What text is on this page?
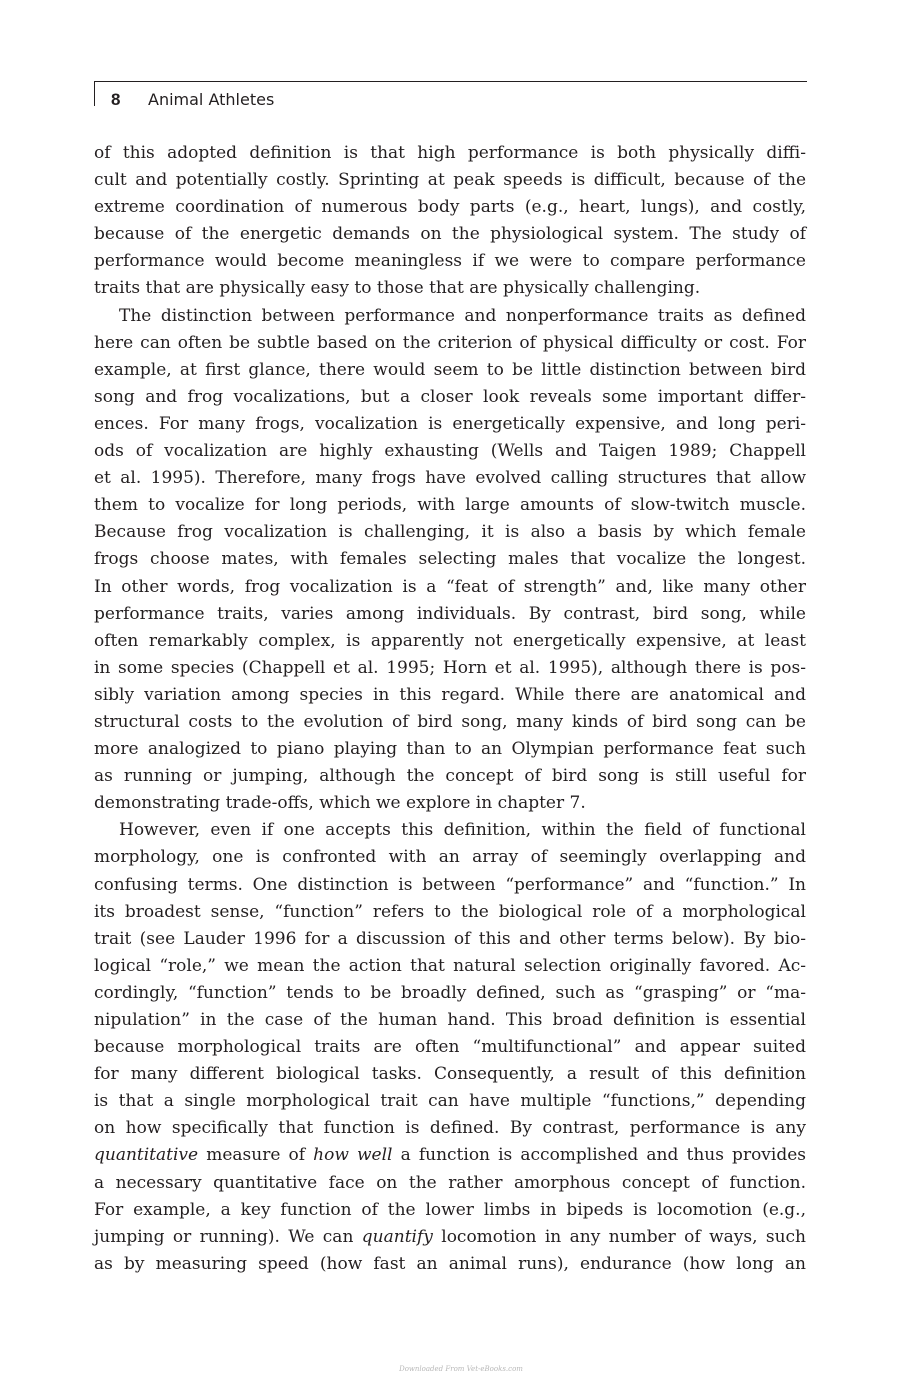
8 Animal Athletes

of this adopted definition is that high performance is both physically diffi-
cult and potentially costly. Sprinting at peak speeds is difficult, because of the
extreme coordination of numerous body parts (e.g., heart, lungs), and costly,
because of the energetic demands on the physiological system. The study of
performance would become meaningless if we were to compare performance
traits that are physically easy to those that are physically challenging.

The distinction between performance and nonperformance traits as defined
here can often be subtle based on the criterion of physical difficulty or cost. For
example, at first glance, there would seem to be little distinction between bird
song and frog vocalizations, but a closer look reveals some important differ-
ences. For many frogs, vocalization is energetically expensive, and long peri-
ods of vocalization are highly exhausting (Wells and Taigen 1989; Chappell
et al. 1995). Therefore, many frogs have evolved calling structures that allow
them to vocalize for long periods, with large amounts of slow-twitch muscle.
Because frog vocalization is challenging, it is also a basis by which female
frogs choose mates, with females selecting males that vocalize the longest.
In other words, frog vocalization is a “feat of strength” and, like many other
performance traits, varies among individuals. By contrast, bird song, while
often remarkably complex, is apparently not energetically expensive, at least
in some species (Chappell et al. 1995; Horn et al. 1995), although there is pos-
sibly variation among species in this regard. While there are anatomical and
structural costs to the evolution of bird song, many kinds of bird song can be
more analogized to piano playing than to an Olympian performance feat such
as running or jumping, although the concept of bird song is still useful for
demonstrating trade-offs, which we explore in chapter 7.

However, even if one accepts this definition, within the field of functional
morphology, one is confronted with an array of seemingly overlapping and
confusing terms. One distinction is between “performance” and “function.” In
its broadest sense, “function” refers to the biological role of a morphological
trait (see Lauder 1996 for a discussion of this and other terms below). By bio-
logical “role,” we mean the action that natural selection originally favored. Ac-
cordingly, “function” tends to be broadly defined, such as “grasping” or “ma-
nipulation” in the case of the human hand. This broad definition is essential
because morphological traits are often “multifunctional” and appear suited
for many different biological tasks. Consequently, a result of this definition
is that a single morphological trait can have multiple “functions,” depending
on how specifically that function is defined. By contrast, performance is any
quantitative measure of how well a function is accomplished and thus provides
a necessary quantitative face on the rather amorphous concept of function.
For example, a key function of the lower limbs in bipeds is locomotion (e.g.,
jumping or running). We can quantify locomotion in any number of ways, such
as by measuring speed (how fast an animal runs), endurance (how long an

Downloaded From Vet-eBooks.com
